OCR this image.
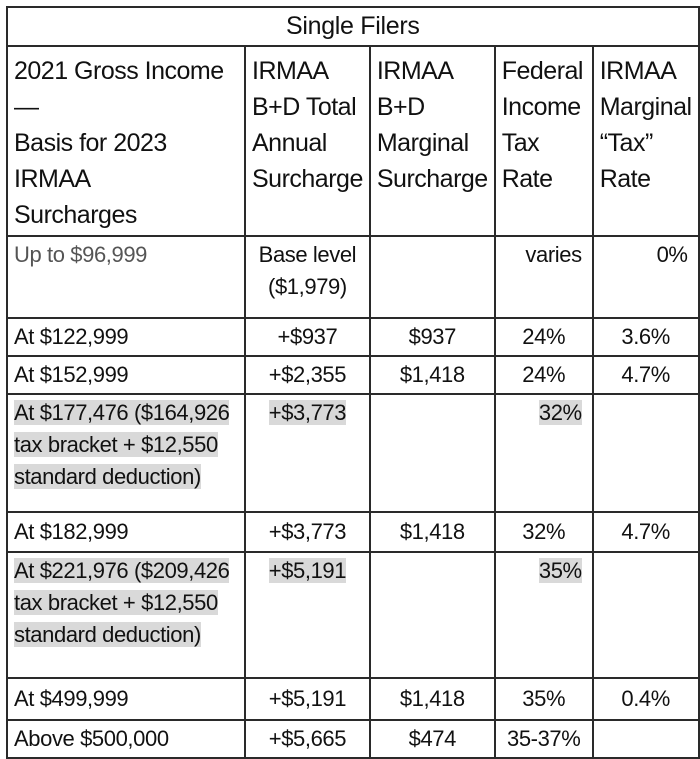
Single Filers				

2021 Gross Income—
Basis for 2023 IRMAA
Surcharges	IRMAA
B+D Total
Annual
Surcharge	IRMAA
B+D
Marginal
Surcharge	Federal
Income
Tax
Rate	IRMAA
Marginal
“Tax”
Rate

Up to $96,999	Base level
($1,979)		varies	0%
At $122,999	+$937	$937	24%	3.6%
At $152,999	+$2,355	$1,418	24%	4.7%

At $177,476 ($164,926
tax bracket + $12,550
standard deduction)	+$3,773		32%	
At $182,999	+$3,773	$1,418	32%	4.7%

At $221,976 ($209,426
tax bracket + $12,550
standard deduction)	+$5,191		35%	
At $499,999	+$5,191	$1,418	35%	0.4%
Above $500,000	+$5,665	$474	35-37%	
